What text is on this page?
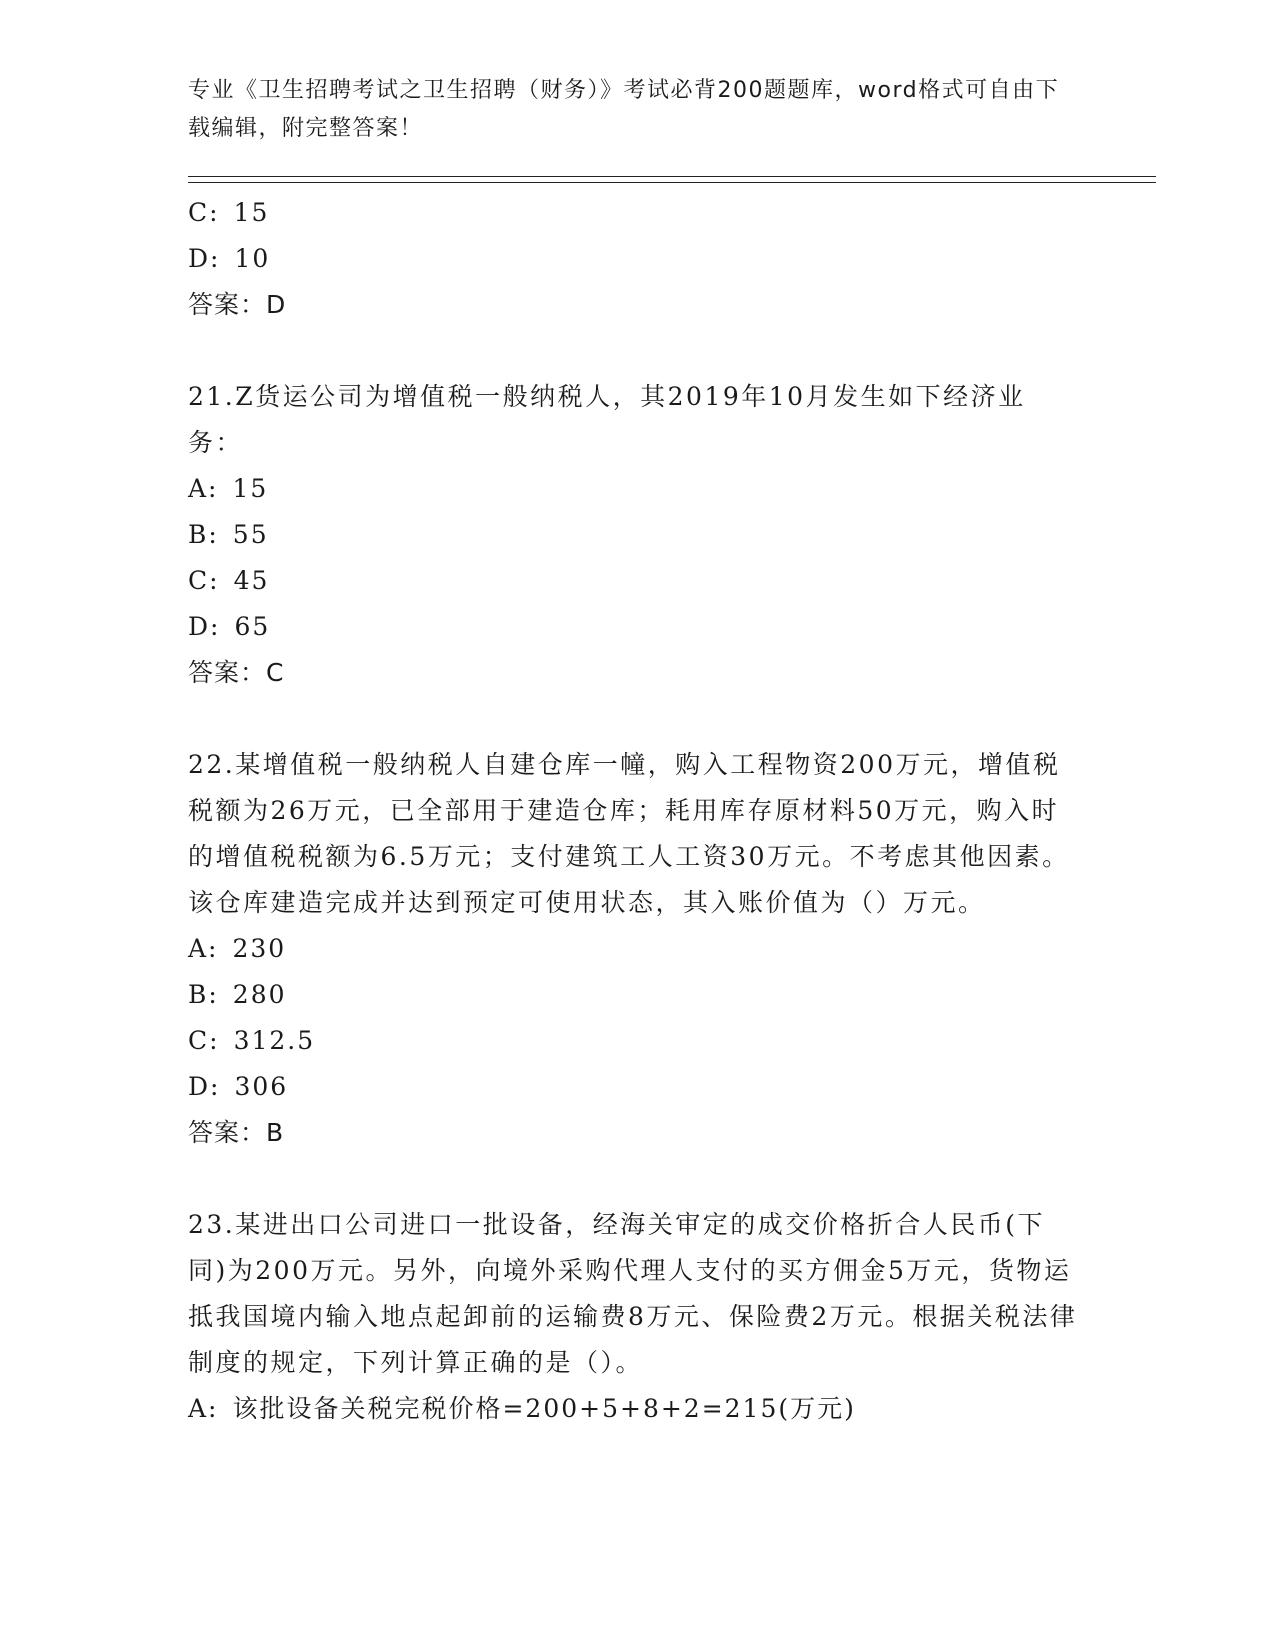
专业《卫生招聘考试之卫生招聘（财务）》考试必背200题题库，word格式可自由下载编辑，附完整答案！
C: 15
D: 10
答案：D
21.Z货运公司为增值税一般纳税人，其2019年10月发生如下经济业务：
A: 15
B: 55
C: 45
D: 65
答案：C
22.某增值税一般纳税人自建仓库一幢，购入工程物资200万元，增值税税额为26万元，已全部用于建造仓库；耗用库存原材料50万元，购入时的增值税税额为6.5万元；支付建筑工人工资30万元。不考虑其他因素。该仓库建造完成并达到预定可使用状态，其入账价值为（）万元。
A: 230
B: 280
C: 312.5
D: 306
答案：B
23.某进出口公司进口一批设备，经海关审定的成交价格折合人民币(下同)为200万元。另外，向境外采购代理人支付的买方佣金5万元，货物运抵我国境内输入地点起卸前的运输费8万元、保险费2万元。根据关税法律制度的规定，下列计算正确的是（）。
A: 该批设备关税完税价格=200+5+8+2=215(万元)
